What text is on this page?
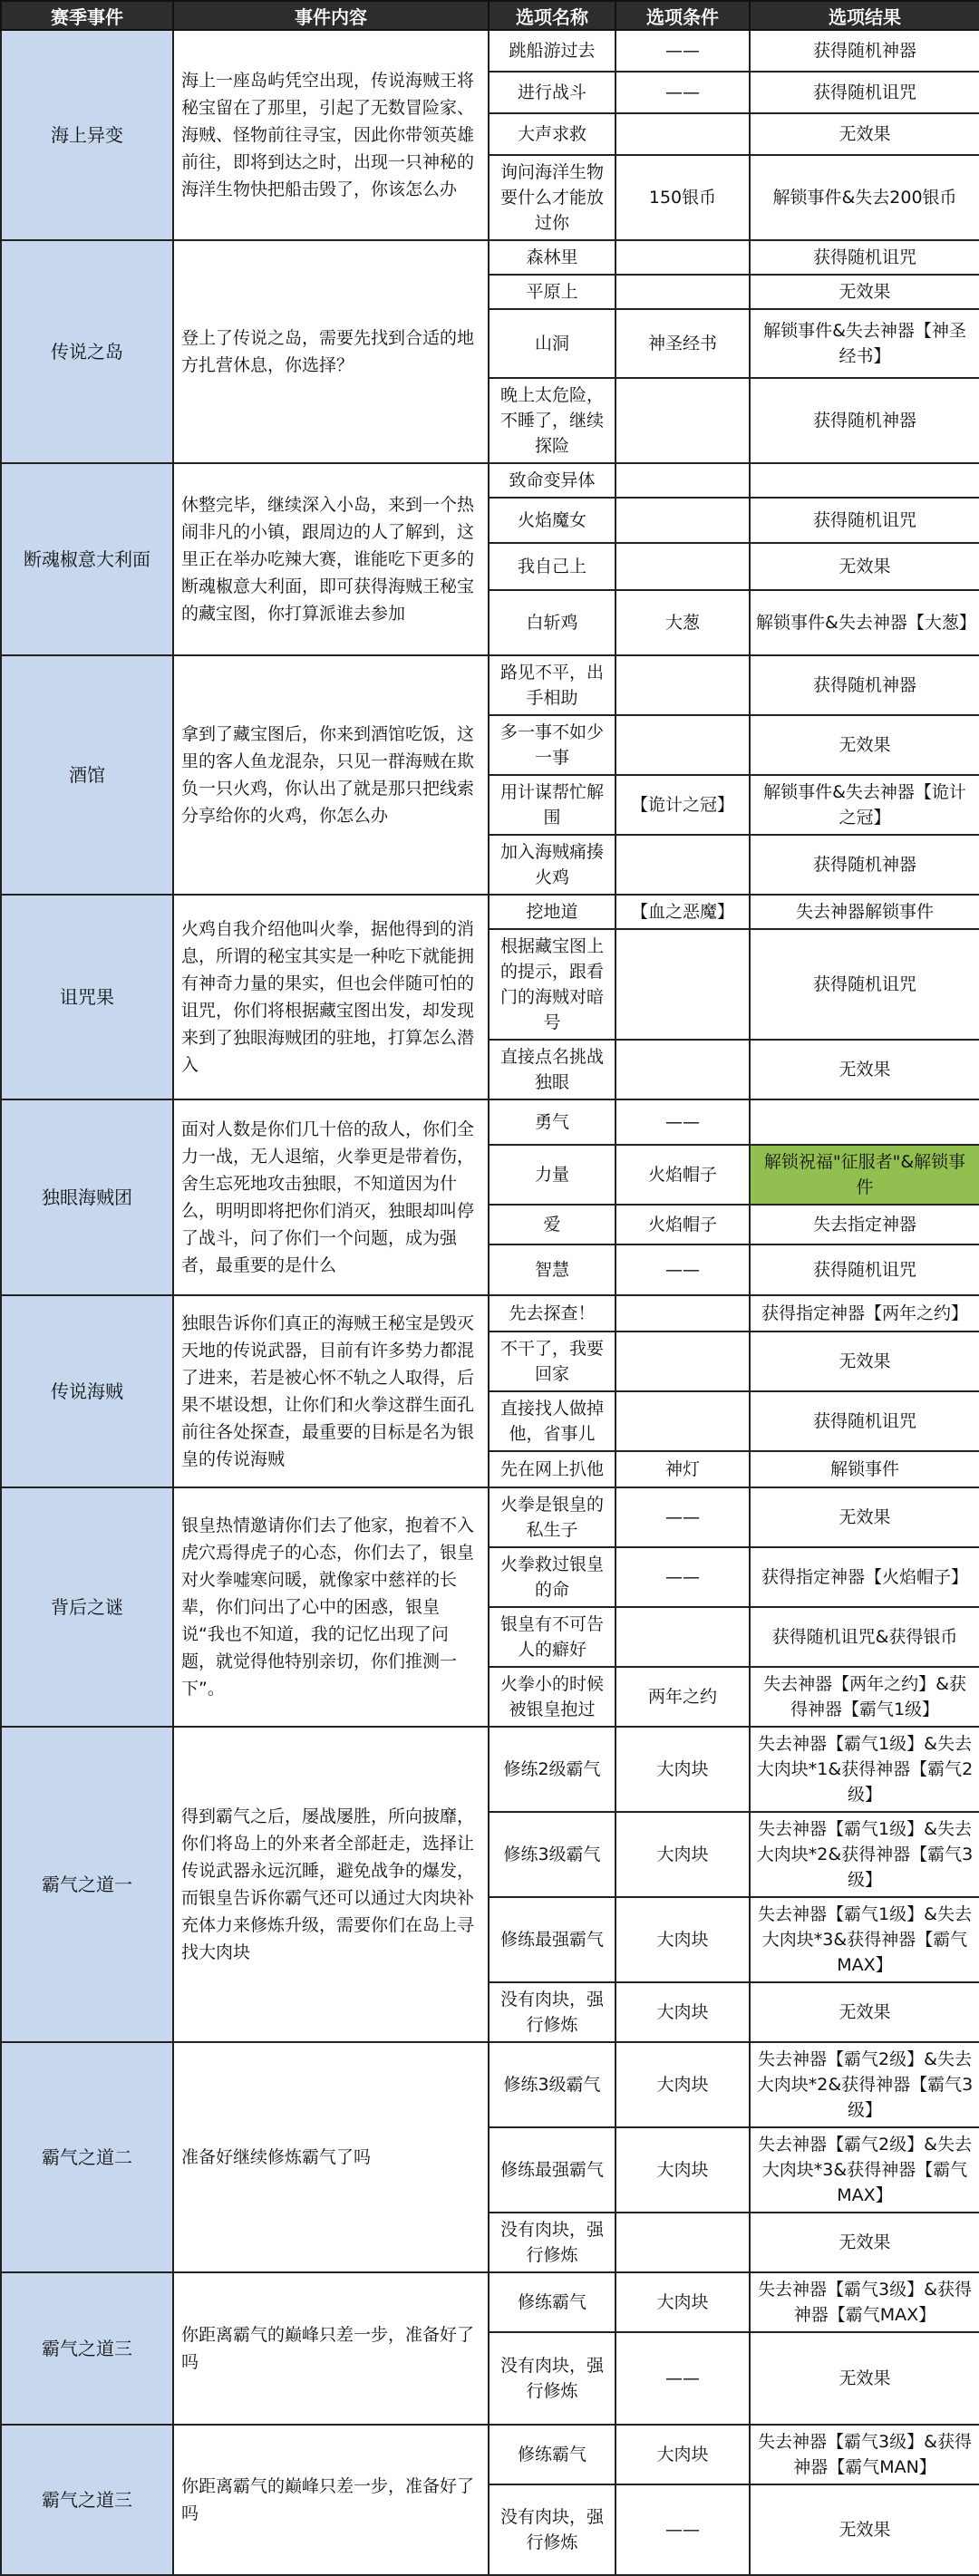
赛季事件	事件内容	选项名称	选项条件	选项结果
海上异变	海上一座岛屿凭空出现，传说海贼王将秘宝留在了那里，引起了无数冒险家、海贼、怪物前往寻宝，因此你带领英雄前往，即将到达之时，出现一只神秘的海洋生物快把船击毁了，你该怎么办	跳船游过去	——	获得随机神器
		进行战斗	——	获得随机诅咒
		大声求救		无效果
		询问海洋生物要什么才能放过你	150银币	解锁事件&失去200银币
传说之岛	登上了传说之岛，需要先找到合适的地方扎营休息，你选择？	森林里		获得随机诅咒
		平原上		无效果
		山洞	神圣经书	解锁事件&失去神器【神圣经书】
		晚上太危险，不睡了，继续探险		获得随机神器
断魂椒意大利面	休整完毕，继续深入小岛，来到一个热闹非凡的小镇，跟周边的人了解到，这里正在举办吃辣大赛，谁能吃下更多的断魂椒意大利面，即可获得海贼王秘宝的藏宝图，你打算派谁去参加	致命变异体		
		火焰魔女		获得随机诅咒
		我自己上		无效果
		白斩鸡	大葱	解锁事件&失去神器【大葱】
酒馆	拿到了藏宝图后，你来到酒馆吃饭，这里的客人鱼龙混杂，只见一群海贼在欺负一只火鸡，你认出了就是那只把线索分享给你的火鸡，你怎么办	路见不平，出手相助		获得随机神器
		多一事不如少一事		无效果
		用计谋帮忙解围	【诡计之冠】	解锁事件&失去神器【诡计之冠】
		加入海贼痛揍火鸡		获得随机神器
诅咒果	火鸡自我介绍他叫火拳，据他得到的消息，所谓的秘宝其实是一种吃下就能拥有神奇力量的果实，但也会伴随可怕的诅咒，你们将根据藏宝图出发，却发现来到了独眼海贼团的驻地，打算怎么潜入	挖地道	【血之恶魔】	失去神器解锁事件
		根据藏宝图上的提示，跟看门的海贼对暗号		获得随机诅咒
		直接点名挑战独眼		无效果
独眼海贼团	面对人数是你们几十倍的敌人，你们全力一战，无人退缩，火拳更是带着伤，舍生忘死地攻击独眼，不知道因为什么，明明即将把你们消灭，独眼却叫停了战斗，问了你们一个问题，成为强者，最重要的是什么	勇气	——	
		力量	火焰帽子	解锁祝福"征服者"&解锁事件
		爱	火焰帽子	失去指定神器
		智慧	——	获得随机诅咒
传说海贼	独眼告诉你们真正的海贼王秘宝是毁灭天地的传说武器，目前有许多势力都混了进来，若是被心怀不轨之人取得，后果不堪设想，让你们和火拳这群生面孔前往各处探查，最重要的目标是名为银皇的传说海贼	先去探查！		获得指定神器【两年之约】
		不干了，我要回家		无效果
		直接找人做掉他，省事儿		获得随机诅咒
		先在网上扒他	神灯	解锁事件
背后之谜	银皇热情邀请你们去了他家，抱着不入虎穴焉得虎子的心态，你们去了，银皇对火拳嘘寒问暖，就像家中慈祥的长辈，你们问出了心中的困惑，银皇说“我也不知道，我的记忆出现了问题，就觉得他特别亲切，你们推测一下”。	火拳是银皇的私生子	——	无效果
		火拳救过银皇的命	——	获得指定神器【火焰帽子】
		银皇有不可告人的癖好		获得随机诅咒&获得银币
		火拳小的时候被银皇抱过	两年之约	失去神器【两年之约】&获得神器【霸气1级】
霸气之道一	得到霸气之后，屡战屡胜，所向披靡，你们将岛上的外来者全部赶走，选择让传说武器永远沉睡，避免战争的爆发，而银皇告诉你霸气还可以通过大肉块补充体力来修炼升级，需要你们在岛上寻找大肉块	修练2级霸气	大肉块	失去神器【霸气1级】&失去大肉块*1&获得神器【霸气2级】
		修练3级霸气	大肉块	失去神器【霸气1级】&失去大肉块*2&获得神器【霸气3级】
		修练最强霸气	大肉块	失去神器【霸气1级】&失去大肉块*3&获得神器【霸气MAX】
		没有肉块，强行修炼	大肉块	无效果
霸气之道二	准备好继续修炼霸气了吗	修练3级霸气	大肉块	失去神器【霸气2级】&失去大肉块*2&获得神器【霸气3级】
		修练最强霸气	大肉块	失去神器【霸气2级】&失去大肉块*3&获得神器【霸气MAX】
		没有肉块，强行修炼		无效果
霸气之道三	你距离霸气的巅峰只差一步，准备好了吗	修练霸气	大肉块	失去神器【霸气3级】&获得神器【霸气MAX】
		没有肉块，强行修炼	——	无效果
霸气之道三	你距离霸气的巅峰只差一步，准备好了吗	修练霸气	大肉块	失去神器【霸气3级】&获得神器【霸气MAN】
		没有肉块，强行修炼	——	无效果
